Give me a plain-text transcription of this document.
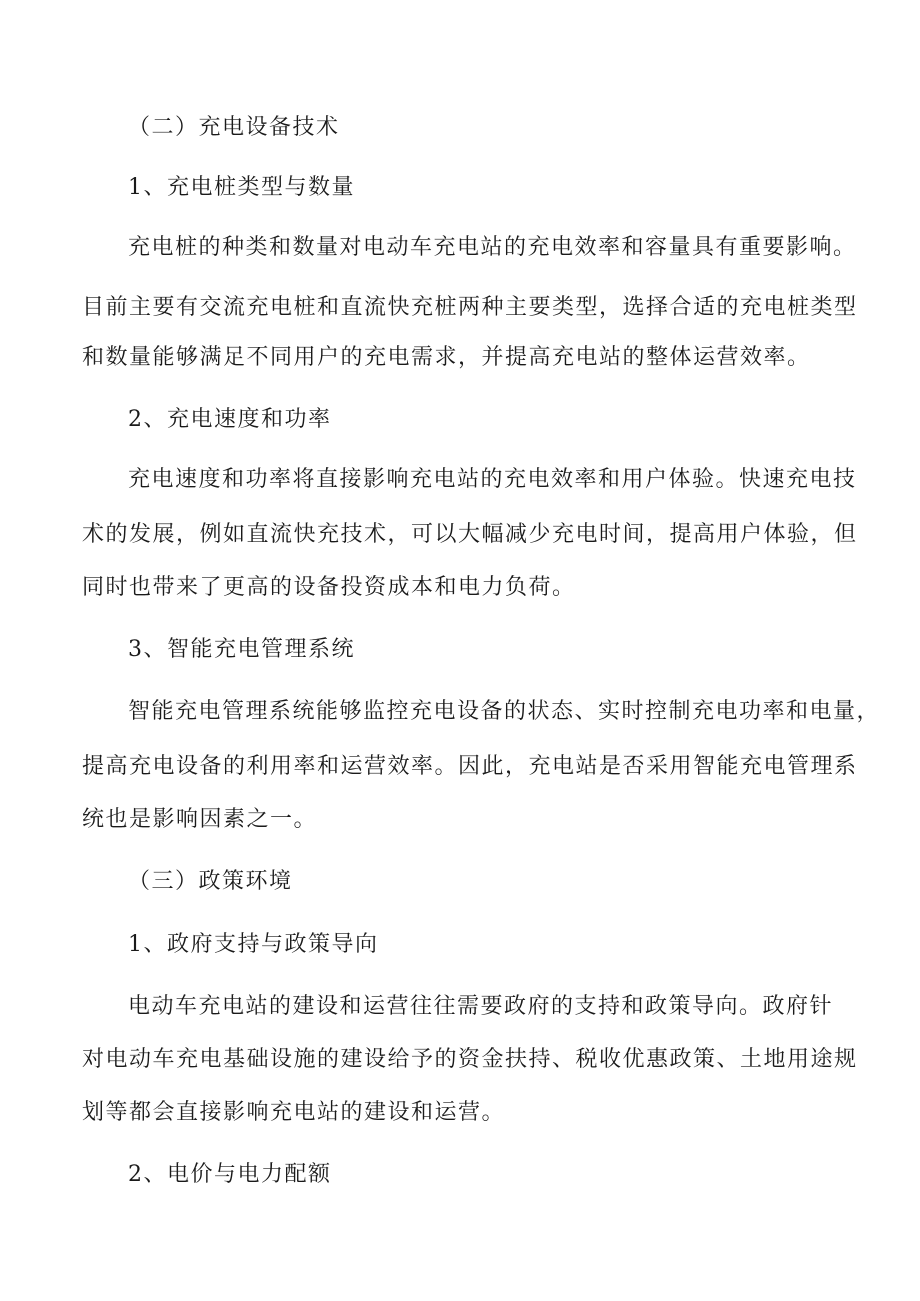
（二）充电设备技术
1、充电桩类型与数量
充电桩的种类和数量对电动车充电站的充电效率和容量具有重要影响。
目前主要有交流充电桩和直流快充桩两种主要类型，选择合适的充电桩类型
和数量能够满足不同用户的充电需求，并提高充电站的整体运营效率。
2、充电速度和功率
充电速度和功率将直接影响充电站的充电效率和用户体验。快速充电技
术的发展，例如直流快充技术，可以大幅减少充电时间，提高用户体验，但
同时也带来了更高的设备投资成本和电力负荷。
3、智能充电管理系统
智能充电管理系统能够监控充电设备的状态、实时控制充电功率和电量，
提高充电设备的利用率和运营效率。因此，充电站是否采用智能充电管理系
统也是影响因素之一。
（三）政策环境
1、政府支持与政策导向
电动车充电站的建设和运营往往需要政府的支持和政策导向。政府针
对电动车充电基础设施的建设给予的资金扶持、税收优惠政策、土地用途规
划等都会直接影响充电站的建设和运营。
2、电价与电力配额
